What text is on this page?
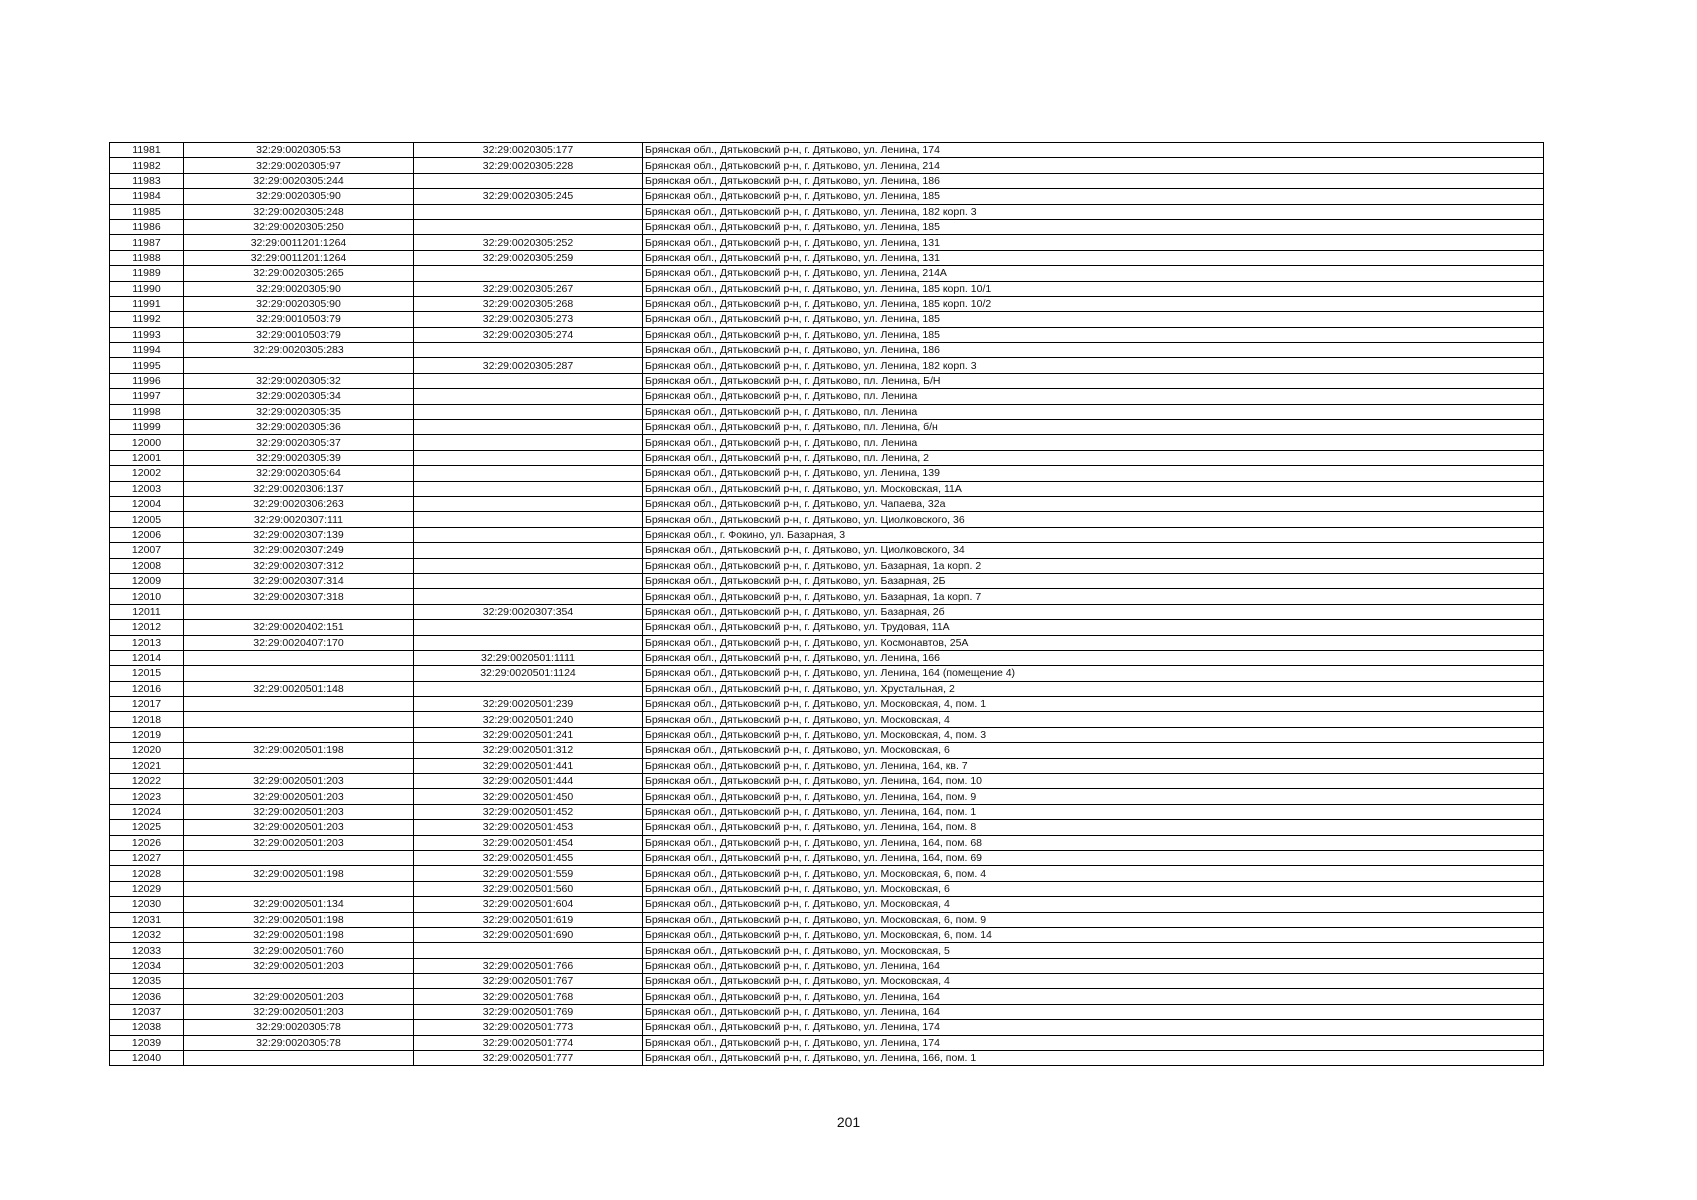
11981	32:29:0020305:53	32:29:0020305:177	Брянская обл., Дятьковский р-н, г. Дятьково, ул. Ленина, 174
11982	32:29:0020305:97	32:29:0020305:228	Брянская обл., Дятьковский р-н, г. Дятьково, ул. Ленина, 214
11983	32:29:0020305:244		Брянская обл., Дятьковский р-н, г. Дятьково, ул. Ленина, 186
11984	32:29:0020305:90	32:29:0020305:245	Брянская обл., Дятьковский р-н, г. Дятьково, ул. Ленина, 185
11985	32:29:0020305:248		Брянская обл., Дятьковский р-н, г. Дятьково, ул. Ленина, 182 корп. 3
11986	32:29:0020305:250		Брянская обл., Дятьковский р-н, г. Дятьково, ул. Ленина, 185
11987	32:29:0011201:1264	32:29:0020305:252	Брянская обл., Дятьковский р-н, г. Дятьково, ул. Ленина, 131
11988	32:29:0011201:1264	32:29:0020305:259	Брянская обл., Дятьковский р-н, г. Дятьково, ул. Ленина, 131
11989	32:29:0020305:265		Брянская обл., Дятьковский р-н, г. Дятьково, ул. Ленина, 214А
11990	32:29:0020305:90	32:29:0020305:267	Брянская обл., Дятьковский р-н, г. Дятьково, ул. Ленина, 185 корп. 10/1
11991	32:29:0020305:90	32:29:0020305:268	Брянская обл., Дятьковский р-н, г. Дятьково, ул. Ленина, 185 корп. 10/2
11992	32:29:0010503:79	32:29:0020305:273	Брянская обл., Дятьковский р-н, г. Дятьково, ул. Ленина, 185
11993	32:29:0010503:79	32:29:0020305:274	Брянская обл., Дятьковский р-н, г. Дятьково, ул. Ленина, 185
11994	32:29:0020305:283		Брянская обл., Дятьковский р-н, г. Дятьково, ул. Ленина, 186
11995		32:29:0020305:287	Брянская обл., Дятьковский р-н, г. Дятьково, ул. Ленина, 182 корп. 3
11996	32:29:0020305:32		Брянская обл., Дятьковский р-н, г. Дятьково, пл. Ленина, Б/Н
11997	32:29:0020305:34		Брянская обл., Дятьковский р-н, г. Дятьково, пл. Ленина
11998	32:29:0020305:35		Брянская обл., Дятьковский р-н, г. Дятьково, пл. Ленина
11999	32:29:0020305:36		Брянская обл., Дятьковский р-н, г. Дятьково, пл. Ленина, б/н
12000	32:29:0020305:37		Брянская обл., Дятьковский р-н, г. Дятьково, пл. Ленина
12001	32:29:0020305:39		Брянская обл., Дятьковский р-н, г. Дятьково, пл. Ленина, 2
12002	32:29:0020305:64		Брянская обл., Дятьковский р-н, г. Дятьково, ул. Ленина, 139
12003	32:29:0020306:137		Брянская обл., Дятьковский р-н, г. Дятьково, ул. Московская, 11А
12004	32:29:0020306:263		Брянская обл., Дятьковский р-н, г. Дятьково, ул. Чапаева, 32а
12005	32:29:0020307:111		Брянская обл., Дятьковский р-н, г. Дятьково, ул. Циолковского, 36
12006	32:29:0020307:139		Брянская обл., г. Фокино, ул. Базарная, 3
12007	32:29:0020307:249		Брянская обл., Дятьковский р-н, г. Дятьково, ул. Циолковского, 34
12008	32:29:0020307:312		Брянская обл., Дятьковский р-н, г. Дятьково, ул. Базарная, 1а корп. 2
12009	32:29:0020307:314		Брянская обл., Дятьковский р-н, г. Дятьково, ул. Базарная, 2Б
12010	32:29:0020307:318		Брянская обл., Дятьковский р-н, г. Дятьково, ул. Базарная, 1а корп. 7
12011		32:29:0020307:354	Брянская обл., Дятьковский р-н, г. Дятьково, ул. Базарная, 2б
12012	32:29:0020402:151		Брянская обл., Дятьковский р-н, г. Дятьково, ул. Трудовая, 11А
12013	32:29:0020407:170		Брянская обл., Дятьковский р-н, г. Дятьково, ул. Космонавтов, 25А
12014		32:29:0020501:1111	Брянская обл., Дятьковский р-н, г. Дятьково, ул. Ленина, 166
12015		32:29:0020501:1124	Брянская обл., Дятьковский р-н, г. Дятьково, ул. Ленина, 164 (помещение 4)
12016	32:29:0020501:148		Брянская обл., Дятьковский р-н, г. Дятьково, ул. Хрустальная, 2
12017		32:29:0020501:239	Брянская обл., Дятьковский р-н, г. Дятьково, ул. Московская, 4, пом. 1
12018		32:29:0020501:240	Брянская обл., Дятьковский р-н, г. Дятьково, ул. Московская, 4
12019		32:29:0020501:241	Брянская обл., Дятьковский р-н, г. Дятьково, ул. Московская, 4, пом. 3
12020	32:29:0020501:198	32:29:0020501:312	Брянская обл., Дятьковский р-н, г. Дятьково, ул. Московская, 6
12021		32:29:0020501:441	Брянская обл., Дятьковский р-н, г. Дятьково, ул. Ленина, 164, кв. 7
12022	32:29:0020501:203	32:29:0020501:444	Брянская обл., Дятьковский р-н, г. Дятьково, ул. Ленина, 164, пом. 10
12023	32:29:0020501:203	32:29:0020501:450	Брянская обл., Дятьковский р-н, г. Дятьково, ул. Ленина, 164, пом. 9
12024	32:29:0020501:203	32:29:0020501:452	Брянская обл., Дятьковский р-н, г. Дятьково, ул. Ленина, 164, пом. 1
12025	32:29:0020501:203	32:29:0020501:453	Брянская обл., Дятьковский р-н, г. Дятьково, ул. Ленина, 164, пом. 8
12026	32:29:0020501:203	32:29:0020501:454	Брянская обл., Дятьковский р-н, г. Дятьково, ул. Ленина, 164, пом. 68
12027		32:29:0020501:455	Брянская обл., Дятьковский р-н, г. Дятьково, ул. Ленина, 164, пом. 69
12028	32:29:0020501:198	32:29:0020501:559	Брянская обл., Дятьковский р-н, г. Дятьково, ул. Московская, 6, пом. 4
12029		32:29:0020501:560	Брянская обл., Дятьковский р-н, г. Дятьково, ул. Московская, 6
12030	32:29:0020501:134	32:29:0020501:604	Брянская обл., Дятьковский р-н, г. Дятьково, ул. Московская, 4
12031	32:29:0020501:198	32:29:0020501:619	Брянская обл., Дятьковский р-н, г. Дятьково, ул. Московская, 6, пом. 9
12032	32:29:0020501:198	32:29:0020501:690	Брянская обл., Дятьковский р-н, г. Дятьково, ул. Московская, 6, пом. 14
12033	32:29:0020501:760		Брянская обл., Дятьковский р-н, г. Дятьково, ул. Московская, 5
12034	32:29:0020501:203	32:29:0020501:766	Брянская обл., Дятьковский р-н, г. Дятьково, ул. Ленина, 164
12035		32:29:0020501:767	Брянская обл., Дятьковский р-н, г. Дятьково, ул. Московская, 4
12036	32:29:0020501:203	32:29:0020501:768	Брянская обл., Дятьковский р-н, г. Дятьково, ул. Ленина, 164
12037	32:29:0020501:203	32:29:0020501:769	Брянская обл., Дятьковский р-н, г. Дятьково, ул. Ленина, 164
12038	32:29:0020305:78	32:29:0020501:773	Брянская обл., Дятьковский р-н, г. Дятьково, ул. Ленина, 174
12039	32:29:0020305:78	32:29:0020501:774	Брянская обл., Дятьковский р-н, г. Дятьково, ул. Ленина, 174
12040		32:29:0020501:777	Брянская обл., Дятьковский р-н, г. Дятьково, ул. Ленина, 166, пом. 1
201
